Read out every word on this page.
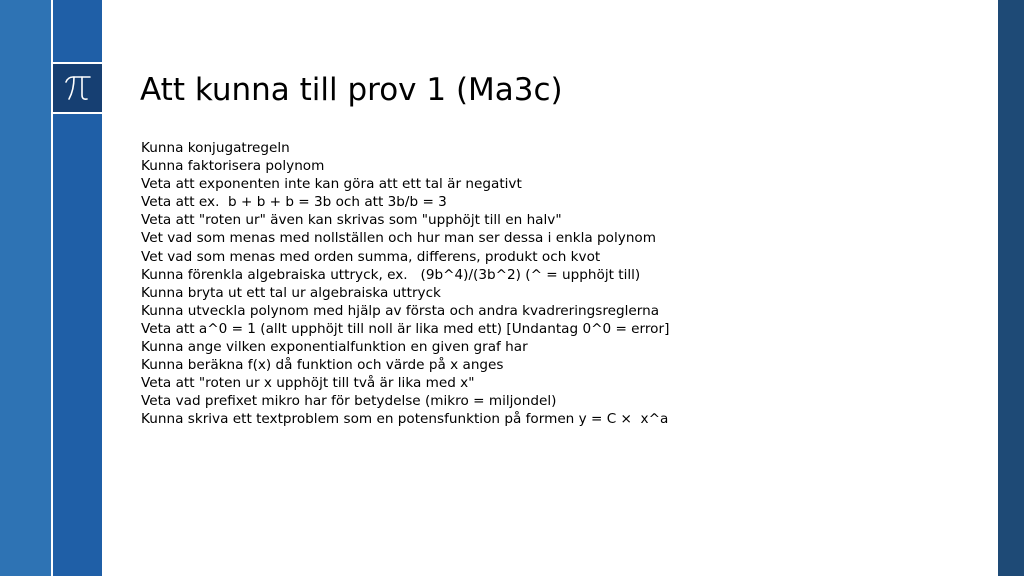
Att kunna till prov 1 (Ma3c)
Kunna konjugatregeln
Kunna faktorisera polynom
Veta att exponenten inte kan göra att ett tal är negativt
Veta att ex.  b + b + b = 3b och att 3b/b = 3
Veta att "roten ur" även kan skrivas som "upphöjt till en halv"
Vet vad som menas med nollställen och hur man ser dessa i enkla polynom
Vet vad som menas med orden summa, differens, produkt och kvot
Kunna förenkla algebraiska uttryck, ex.   (9b^4)/(3b^2) (^ = upphöjt till)
Kunna bryta ut ett tal ur algebraiska uttryck
Kunna utveckla polynom med hjälp av första och andra kvadreringsreglerna
Veta att a^0 = 1 (allt upphöjt till noll är lika med ett) [Undantag 0^0 = error]
Kunna ange vilken exponentialfunktion en given graf har
Kunna beräkna f(x) då funktion och värde på x anges
Veta att "roten ur x upphöjt till två är lika med x"
Veta vad prefixet mikro har för betydelse (mikro = miljondel)
Kunna skriva ett textproblem som en potensfunktion på formen y = C ×  x^a
